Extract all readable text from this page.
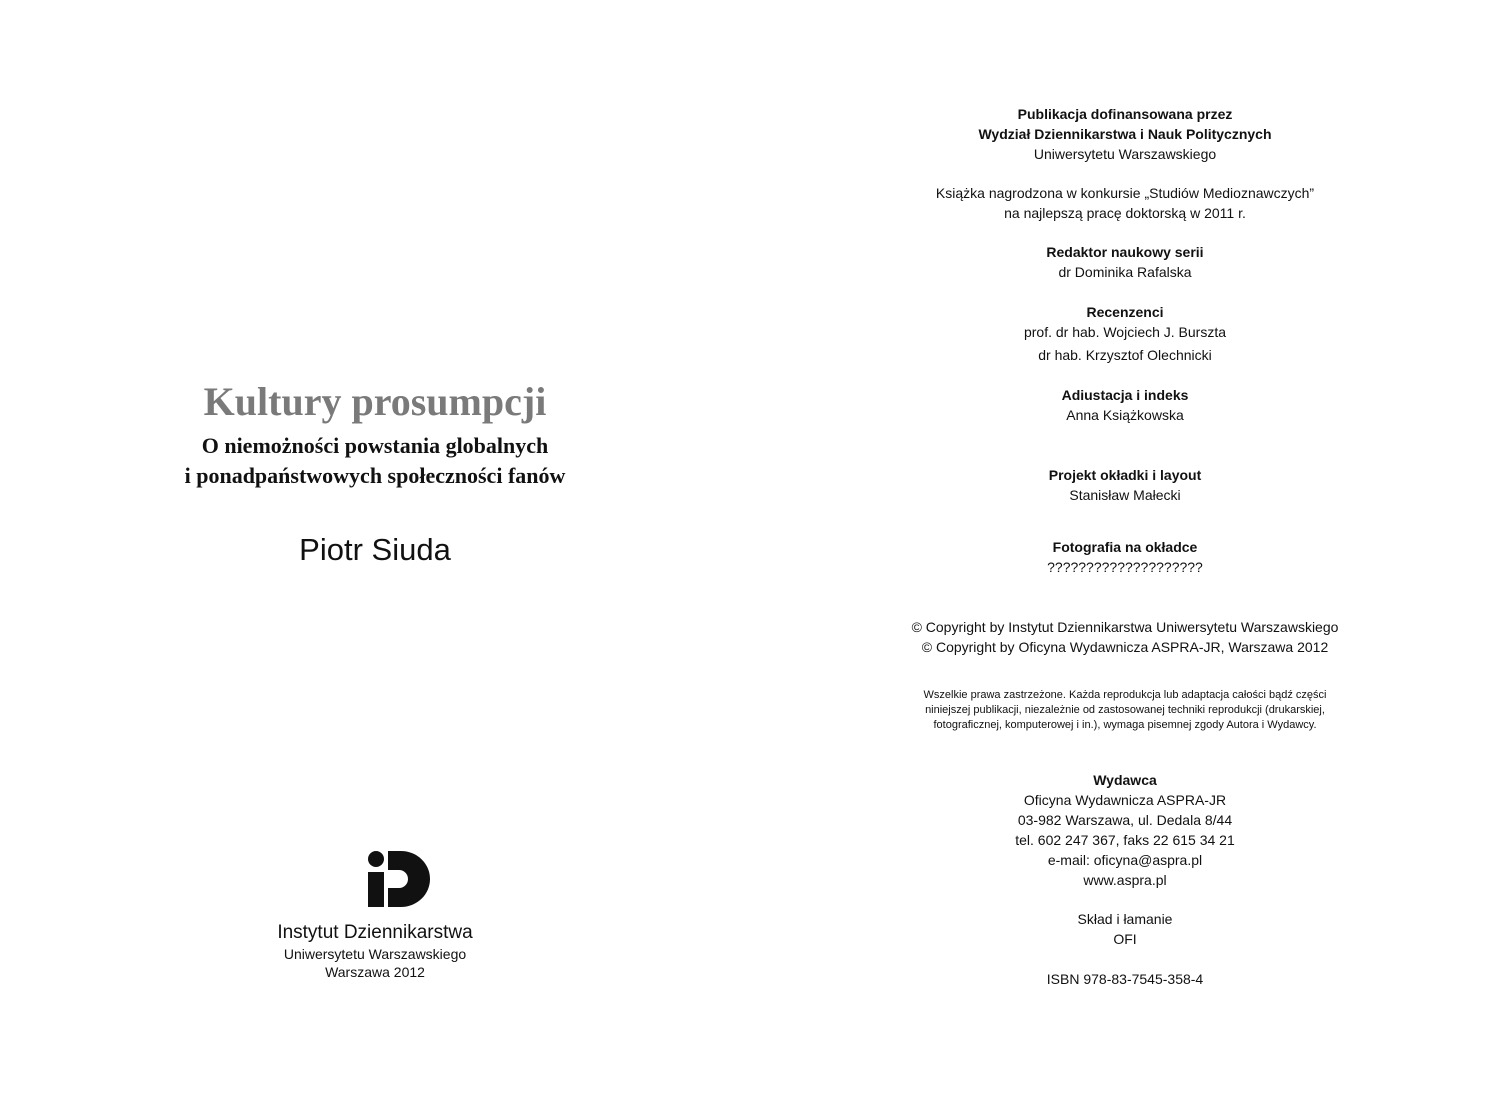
Kultury prosumpcji
O niemożności powstania globalnych
i ponadpaństwowych społeczności fanów
Piotr Siuda
Instytut Dziennikarstwa
Uniwersytetu Warszawskiego
Warszawa 2012
Publikacja dofinansowana przez
Wydział Dziennikarstwa i Nauk Politycznych
Uniwersytetu Warszawskiego
Książka nagrodzona w konkursie „Studiów Medioznawczych”
na najlepszą pracę doktorską w 2011 r.
Redaktor naukowy serii
dr Dominika Rafalska
Recenzenci
prof. dr hab. Wojciech J. Burszta
dr hab. Krzysztof Olechnicki
Adiustacja i indeks
Anna Książkowska
Projekt okładki i layout
Stanisław Małecki
Fotografia na okładce
????????????????????
© Copyright by Instytut Dziennikarstwa Uniwersytetu Warszawskiego
© Copyright by Oficyna Wydawnicza ASPRA-JR, Warszawa 2012
Wszelkie prawa zastrzeżone. Każda reprodukcja lub adaptacja całości bądź części
niniejszej publikacji, niezależnie od zastosowanej techniki reprodukcji (drukarskiej,
fotograficznej, komputerowej i in.), wymaga pisemnej zgody Autora i Wydawcy.
Wydawca
Oficyna Wydawnicza ASPRA-JR
03-982 Warszawa, ul. Dedala 8/44
tel. 602 247 367, faks 22 615 34 21
e-mail: oficyna@aspra.pl
www.aspra.pl
Skład i łamanie
OFI
ISBN 978-83-7545-358-4
